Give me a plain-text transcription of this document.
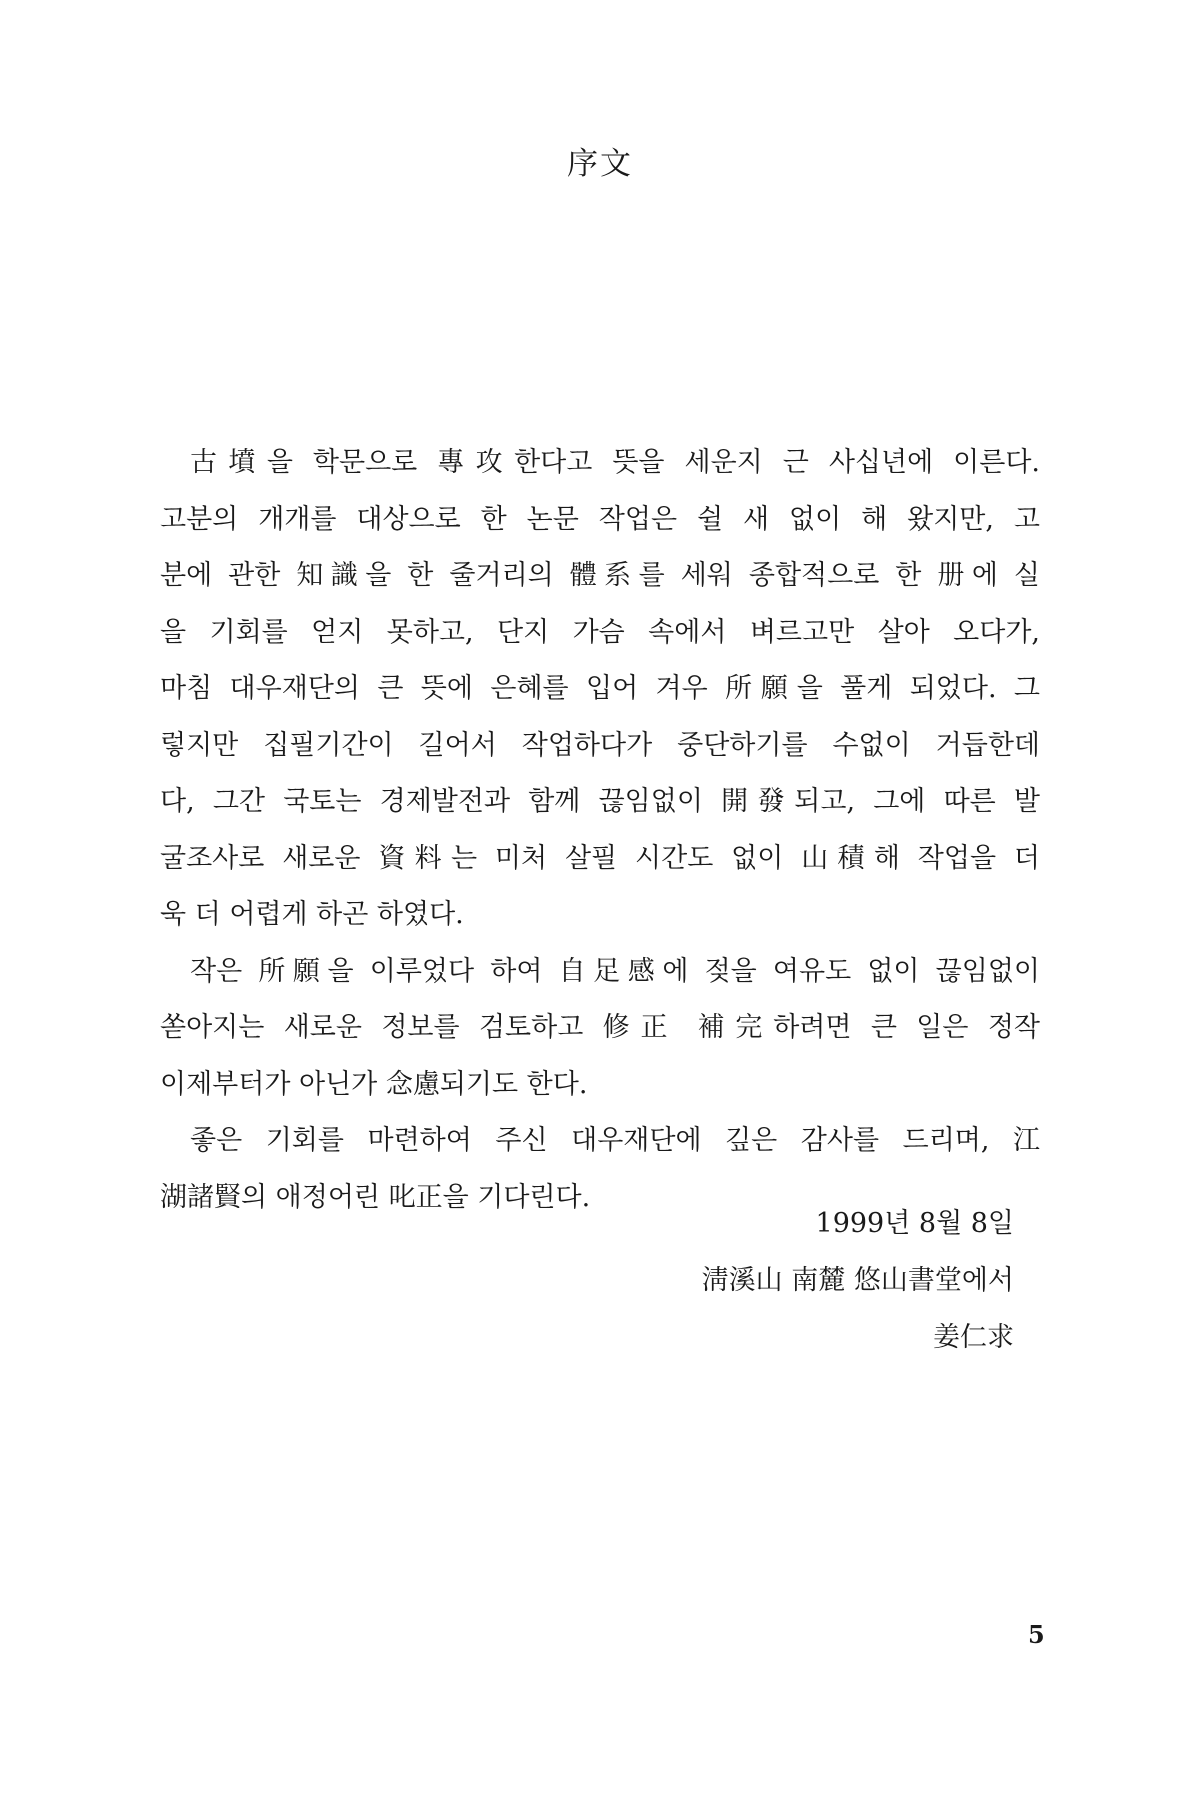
序文
古墳을 학문으로 專攻한다고 뜻을 세운지 근 사십년에 이른다.
고분의 개개를 대상으로 한 논문 작업은 쉴 새 없이 해 왔지만, 고
분에 관한 知識을 한 줄거리의 體系를 세워 종합적으로 한 册에 실
을 기회를 얻지 못하고, 단지 가슴 속에서 벼르고만 살아 오다가,
마침 대우재단의 큰 뜻에 은혜를 입어 겨우 所願을 풀게 되었다. 그
렇지만 집필기간이 길어서 작업하다가 중단하기를 수없이 거듭한데
다, 그간 국토는 경제발전과 함께 끊임없이 開發되고, 그에 따른 발
굴조사로 새로운 資料는 미처 살필 시간도 없이 山積해 작업을 더
욱 더 어렵게 하곤 하였다.
작은 所願을 이루었다 하여 自足感에 젖을 여유도 없이 끊임없이
쏟아지는 새로운 정보를 검토하고 修正 補完하려면 큰 일은 정작
이제부터가 아닌가 念慮되기도 한다.
좋은 기회를 마련하여 주신 대우재단에 깊은 감사를 드리며, 江
湖諸賢의 애정어린 叱正을 기다린다.
1999년 8월 8일
淸溪山 南麓 悠山書堂에서
姜仁求
5
